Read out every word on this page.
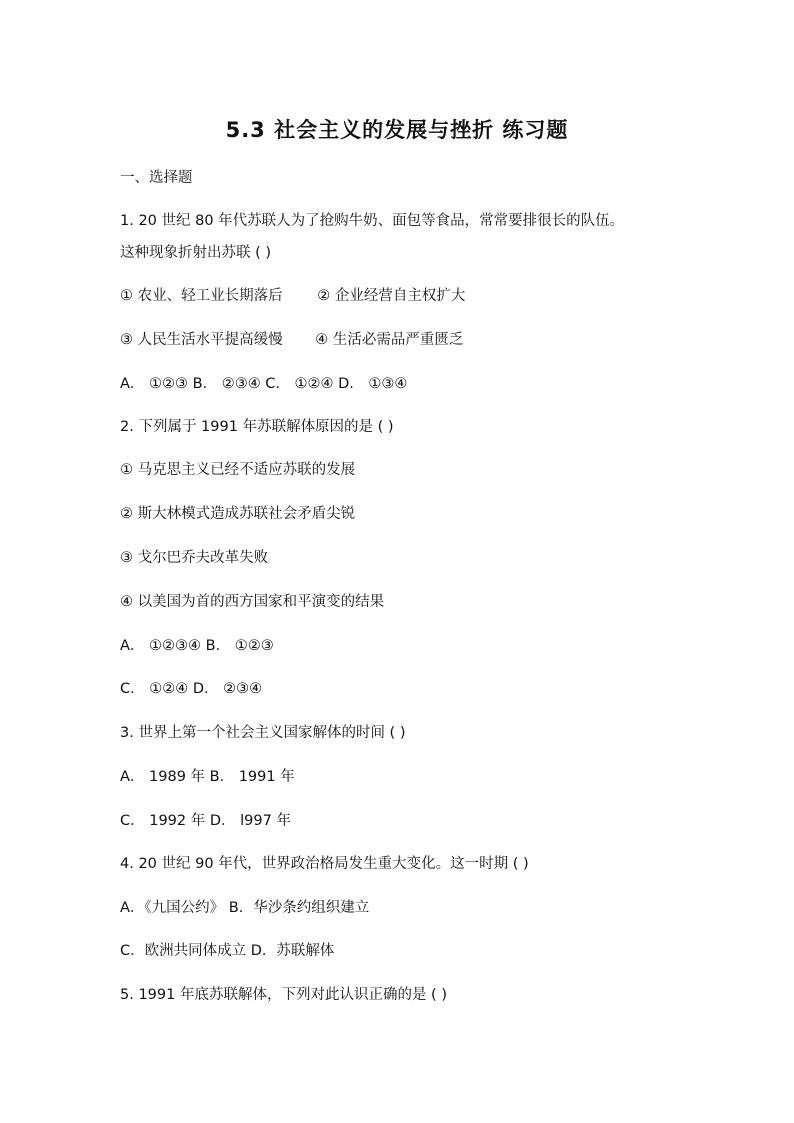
5.3 社会主义的发展与挫折 练习题
一、选择题
1. 20 世纪 80 年代苏联人为了抢购牛奶、面包等食品，常常要排很长的队伍。
这种现象折射出苏联 ( )
① 农业、轻工业长期落后 ② 企业经营自主权扩大
③ 人民生活水平提高缓慢 ④ 生活必需品严重匮乏
A． ①②③ B． ②③④ C． ①②④ D． ①③④
2. 下列属于 1991 年苏联解体原因的是 ( )
① 马克思主义已经不适应苏联的发展
② 斯大林模式造成苏联社会矛盾尖锐
③ 戈尔巴乔夫改革失败
④ 以美国为首的西方国家和平演变的结果
A． ①②③④ B． ①②③
C． ①②④ D． ②③④
3. 世界上第一个社会主义国家解体的时间 ( )
A． 1989 年 B． 1991 年
C． 1992 年 D． l997 年
4. 20 世纪 90 年代，世界政治格局发生重大变化。这一时期 ( )
A．《九国公约》 B．华沙条约组织建立
C．欧洲共同体成立 D．苏联解体
5. 1991 年底苏联解体，下列对此认识正确的是 ( )
